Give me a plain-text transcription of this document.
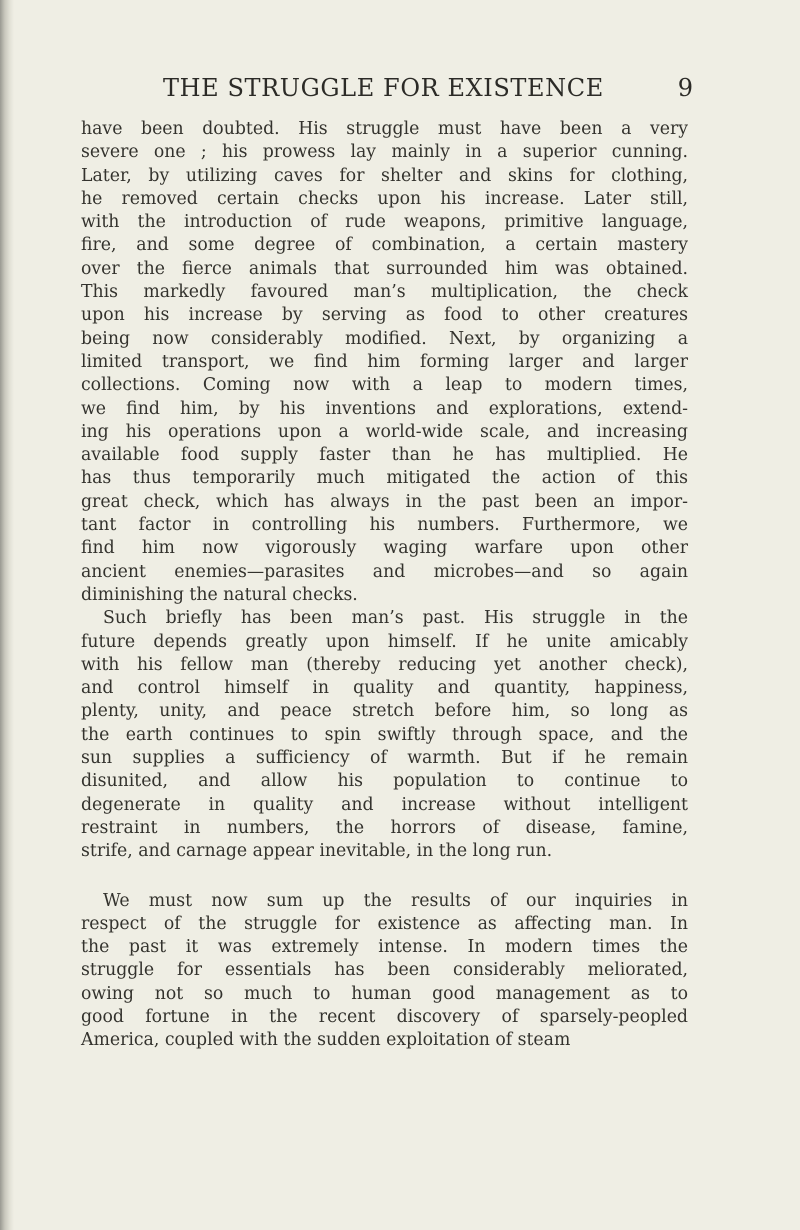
THE STRUGGLE FOR EXISTENCE	9
have been doubted. His struggle must have been a very
severe one ; his prowess lay mainly in a superior cunning.
Later, by utilizing caves for shelter and skins for clothing,
he removed certain checks upon his increase. Later still,
with the introduction of rude weapons, primitive language,
fire, and some degree of combination, a certain mastery
over the fierce animals that surrounded him was obtained.
This markedly favoured man’s multiplication, the check
upon his increase by serving as food to other creatures
being now considerably modified. Next, by organizing a
limited transport, we find him forming larger and larger
collections. Coming now with a leap to modern times,
we find him, by his inventions and explorations, extend-
ing his operations upon a world-wide scale, and increasing
available food supply faster than he has multiplied. He
has thus temporarily much mitigated the action of this
great check, which has always in the past been an impor-
tant factor in controlling his numbers. Furthermore, we
find him now vigorously waging warfare upon other
ancient enemies—parasites and microbes—and so again
diminishing the natural checks.
Such briefly has been man’s past. His struggle in the
future depends greatly upon himself. If he unite amicably
with his fellow man (thereby reducing yet another check),
and control himself in quality and quantity, happiness,
plenty, unity, and peace stretch before him, so long as
the earth continues to spin swiftly through space, and the
sun supplies a sufficiency of warmth. But if he remain
disunited, and allow his population to continue to
degenerate in quality and increase without intelligent
restraint in numbers, the horrors of disease, famine,
strife, and carnage appear inevitable, in the long run.
We must now sum up the results of our inquiries in
respect of the struggle for existence as affecting man. In
the past it was extremely intense. In modern times the
struggle for essentials has been considerably meliorated,
owing not so much to human good management as to
good fortune in the recent discovery of sparsely-peopled
America, coupled with the sudden exploitation of steam
